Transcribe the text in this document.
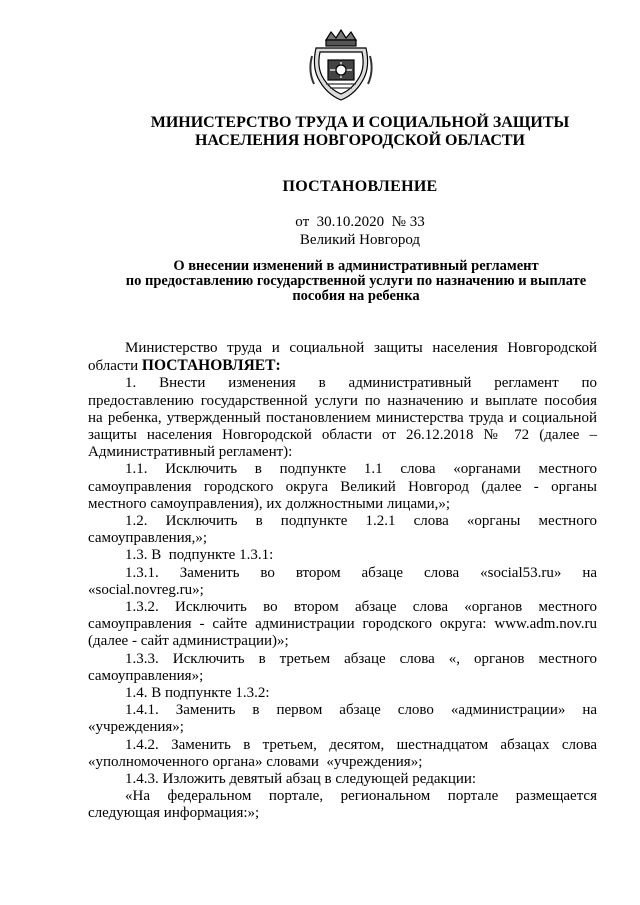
МИНИСТЕРСТВО ТРУДА И СОЦИАЛЬНОЙ ЗАЩИТЫ
НАСЕЛЕНИЯ НОВГОРОДСКОЙ ОБЛАСТИ
ПОСТАНОВЛЕНИЕ
от  30.10.2020  № 33
Великий Новгород
О внесении изменений в административный регламент
по предоставлению государственной услуги по назначению и выплате
пособия на ребенка

Министерство труда и социальной защиты населения Новгородской

области ПОСТАНОВЛЯЕТ:

1. Внести изменения в административный регламент по

предоставлению государственной услуги по назначению и выплате пособия

на ребенка, утвержденный постановлением министерства труда и социальной

защиты населения Новгородской области от 26.12.2018 № 72 (далее –

Административный регламент):

1.1. Исключить в подпункте 1.1 слова «органами местного

самоуправления городского округа Великий Новгород (далее - органы

местного самоуправления), их должностными лицами,»;

1.2. Исключить в подпункте 1.2.1 слова «органы местного

самоуправления,»;

1.3. В  подпункте 1.3.1:

1.3.1. Заменить во втором абзаце слова «social53.ru» на

«social.novreg.ru»;

1.3.2. Исключить во втором абзаце слова «органов местного

самоуправления - сайте администрации городского округа: www.adm.nov.ru

(далее - сайт администрации)»;

1.3.3. Исключить в третьем абзаце слова «, органов местного

самоуправления»;

1.4. В подпункте 1.3.2:

1.4.1. Заменить в первом абзаце слово «администрации» на

«учреждения»;

1.4.2. Заменить в третьем, десятом, шестнадцатом абзацах слова

«уполномоченного органа» словами  «учреждения»;

1.4.3. Изложить девятый абзац в следующей редакции:

«На федеральном портале, региональном портале размещается

следующая информация:»;
